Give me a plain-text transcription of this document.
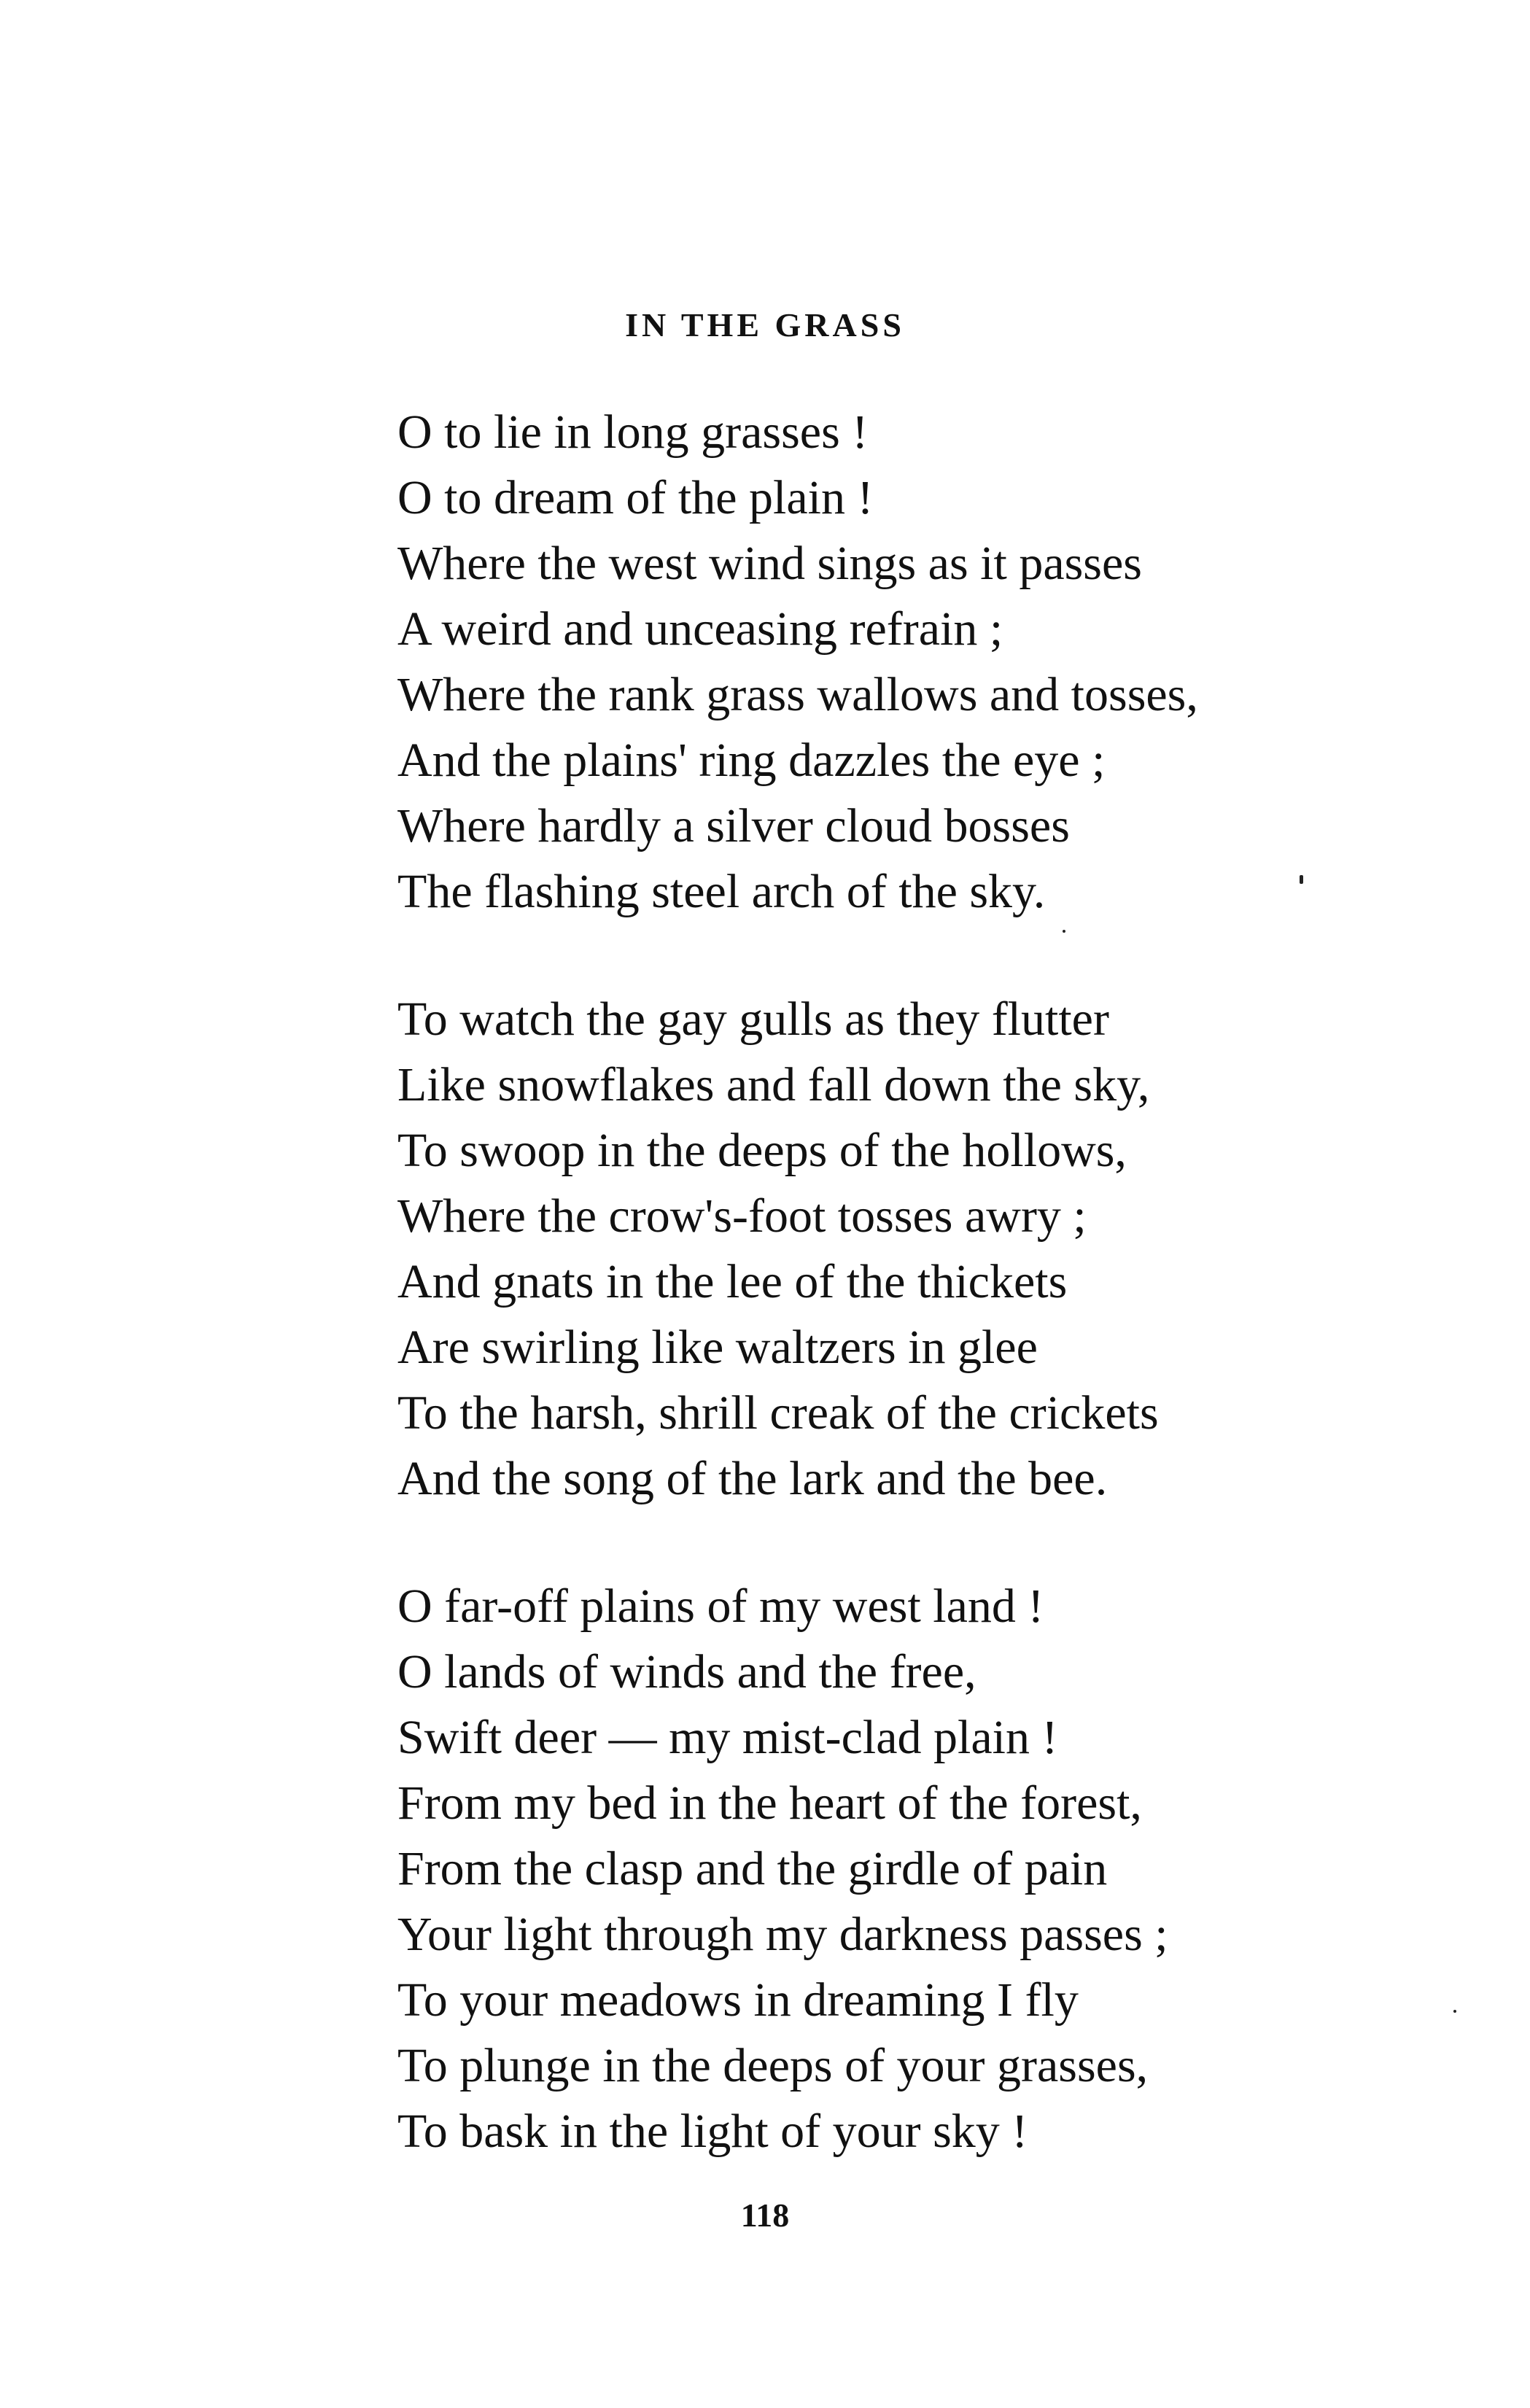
IN THE GRASS
O to lie in long grasses !
O to dream of the plain !
Where the west wind sings as it passes
A weird and unceasing refrain ;
Where the rank grass wallows and tosses,
And the plains' ring dazzles the eye ;
Where hardly a silver cloud bosses
The flashing steel arch of the sky.
To watch the gay gulls as they flutter
Like snowflakes and fall down the sky,
To swoop in the deeps of the hollows,
Where the crow's-foot tosses awry ;
And gnats in the lee of the thickets
Are swirling like waltzers in glee
To the harsh, shrill creak of the crickets
And the song of the lark and the bee.
O far-off plains of my west land !
O lands of winds and the free,
Swift deer — my mist-clad plain !
From my bed in the heart of the forest,
From the clasp and the girdle of pain
Your light through my darkness passes ;
To your meadows in dreaming I fly
To plunge in the deeps of your grasses,
To bask in the light of your sky !
118
